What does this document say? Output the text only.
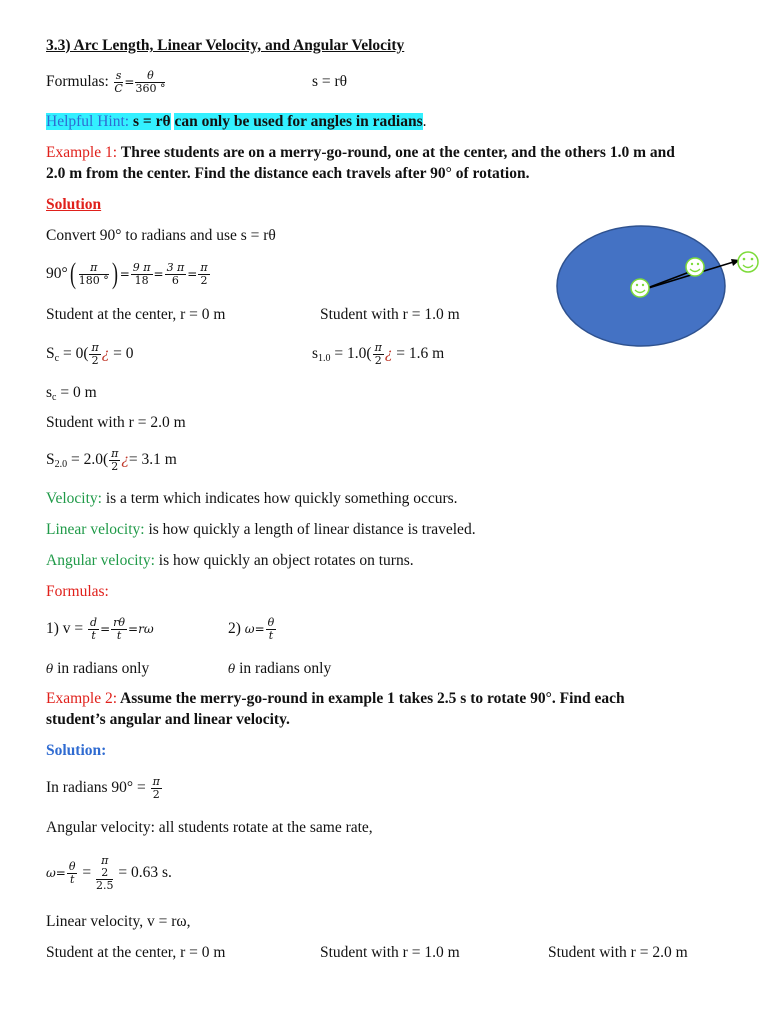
3.3) Arc Length, Linear Velocity, and Angular Velocity
Formulas: $\frac{s}{C} = \frac{\theta}{360 ^\circ}$	s = rθ
Helpful Hint: s = rθ can only be used for angles in radians.
Example 1: Three students are on a merry-go-round, one at the center, and the others 1.0 m and
2.0 m from the center. Find the distance each travels after 90° of rotation.
Solution
Convert 90° to radians and use s = rθ
$90^\circ( \frac{\pi}{180 ^\circ}$ ) = $\frac{9 \pi}{18} = \frac{3 \pi}{6} = \frac{\pi}{2}$
Student at the center, r = 0 m	Student with r = 1.0 m
$Sc = 0( \frac{\pi}{2}$ ¿ = 0	$s1.0 = 1.0( \frac{\pi}{2}$ ¿ = 1.6 m
sc = 0 m
Student with r = 2.0 m
$S2.0 = 2.0( \frac{\pi}{2}$ ¿= 3.1 m
Velocity: is a term which indicates how quickly something occurs.
Linear velocity: is how quickly a length of linear distance is traveled.
Angular velocity: is how quickly an object rotates on turns.
Formulas:
1) $v = \frac{d}{t} = \frac{r\theta}{t} =r\omega$	2) $\omega= \frac{\theta}{t}$
θ in radians only	θ in radians only
Example 2: Assume the merry-go-round in example 1 takes 2.5 s to rotate 90°. Find each
student’s angular and linear velocity.
Solution:
In radians $90^\circ = \frac{\pi}{2}$
Angular velocity: all students rotate at the same rate,
$\omega= \frac{\theta}{t}$ =
π
2
2.5
= 0.63 s.
Linear velocity, v = rω,
Student at the center, r = 0 m	Student with r = 1.0 m	Student with r = 2.0 m
